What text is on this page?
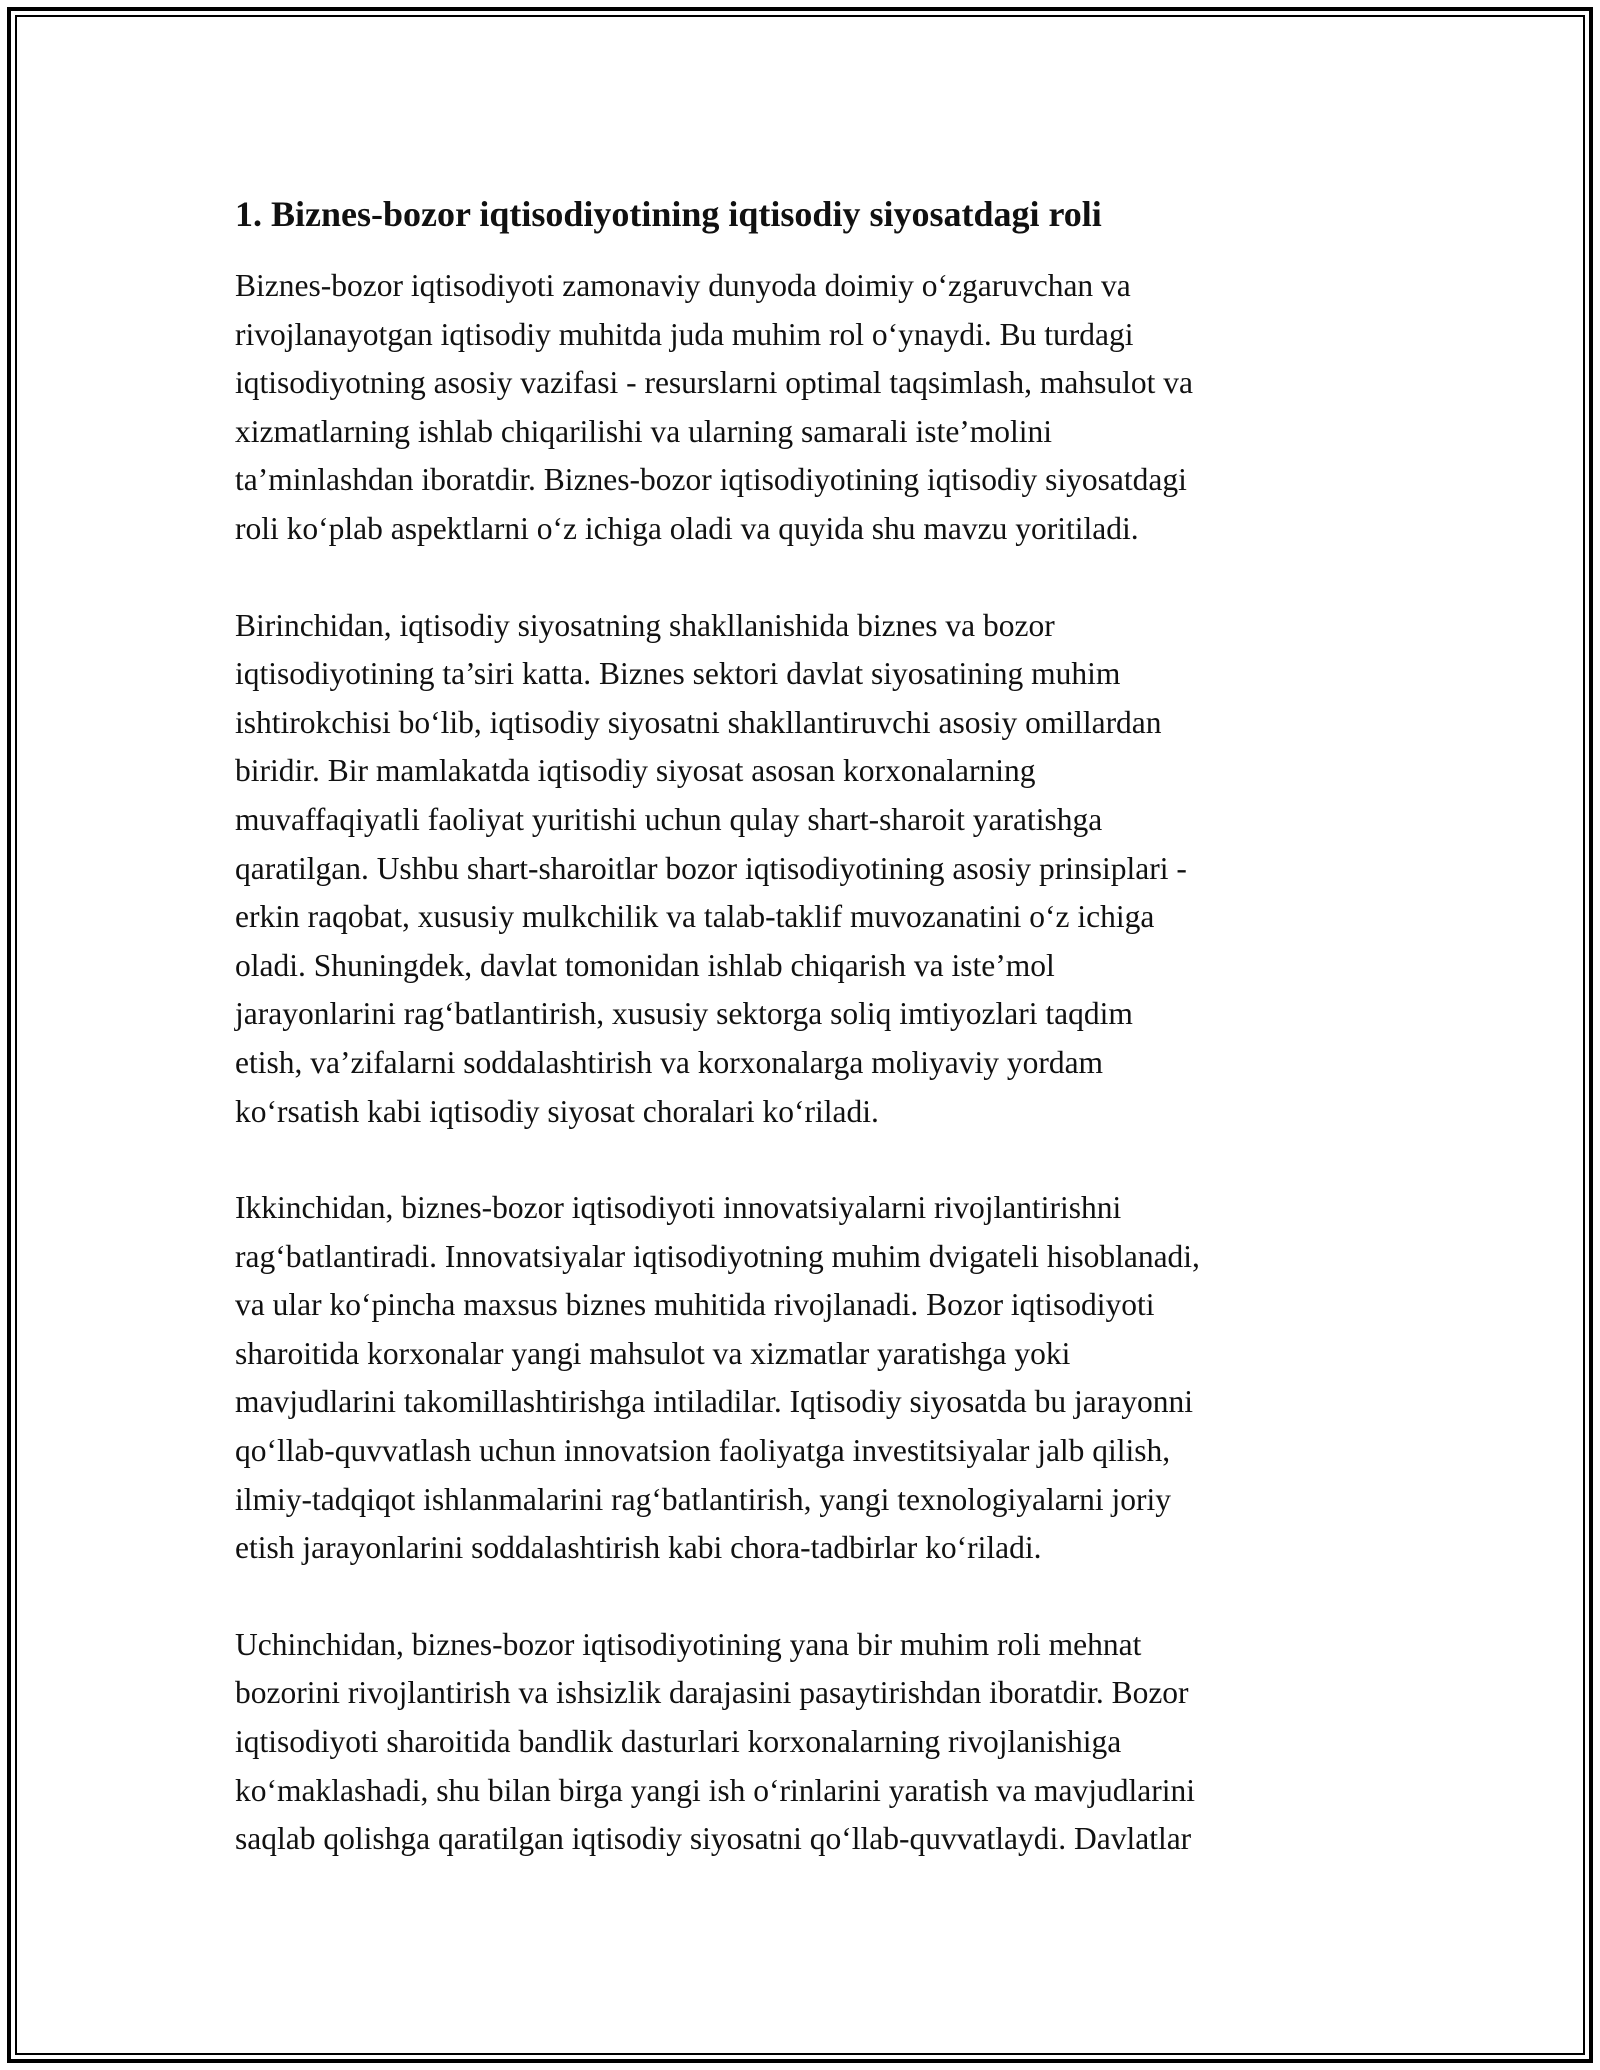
1. Biznes-bozor iqtisodiyotining iqtisodiy siyosatdagi roli

Biznes-bozor iqtisodiyoti zamonaviy dunyoda doimiy o‘zgaruvchan va
rivojlanayotgan iqtisodiy muhitda juda muhim rol o‘ynaydi. Bu turdagi
iqtisodiyotning asosiy vazifasi - resurslarni optimal taqsimlash, mahsulot va
xizmatlarning ishlab chiqarilishi va ularning samarali iste’molini
ta’minlashdan iboratdir. Biznes-bozor iqtisodiyotining iqtisodiy siyosatdagi
roli ko‘plab aspektlarni o‘z ichiga oladi va quyida shu mavzu yoritiladi.

Birinchidan, iqtisodiy siyosatning shakllanishida biznes va bozor
iqtisodiyotining ta’siri katta. Biznes sektori davlat siyosatining muhim
ishtirokchisi bo‘lib, iqtisodiy siyosatni shakllantiruvchi asosiy omillardan
biridir. Bir mamlakatda iqtisodiy siyosat asosan korxonalarning
muvaffaqiyatli faoliyat yuritishi uchun qulay shart-sharoit yaratishga
qaratilgan. Ushbu shart-sharoitlar bozor iqtisodiyotining asosiy prinsiplari -
erkin raqobat, xususiy mulkchilik va talab-taklif muvozanatini o‘z ichiga
oladi. Shuningdek, davlat tomonidan ishlab chiqarish va iste’mol
jarayonlarini rag‘batlantirish, xususiy sektorga soliq imtiyozlari taqdim
etish, va’zifalarni soddalashtirish va korxonalarga moliyaviy yordam
ko‘rsatish kabi iqtisodiy siyosat choralari ko‘riladi.

Ikkinchidan, biznes-bozor iqtisodiyoti innovatsiyalarni rivojlantirishni
rag‘batlantiradi. Innovatsiyalar iqtisodiyotning muhim dvigateli hisoblanadi,
va ular ko‘pincha maxsus biznes muhitida rivojlanadi. Bozor iqtisodiyoti
sharoitida korxonalar yangi mahsulot va xizmatlar yaratishga yoki
mavjudlarini takomillashtirishga intiladilar. Iqtisodiy siyosatda bu jarayonni
qo‘llab-quvvatlash uchun innovatsion faoliyatga investitsiyalar jalb qilish,
ilmiy-tadqiqot ishlanmalarini rag‘batlantirish, yangi texnologiyalarni joriy
etish jarayonlarini soddalashtirish kabi chora-tadbirlar ko‘riladi.

Uchinchidan, biznes-bozor iqtisodiyotining yana bir muhim roli mehnat
bozorini rivojlantirish va ishsizlik darajasini pasaytirishdan iboratdir. Bozor
iqtisodiyoti sharoitida bandlik dasturlari korxonalarning rivojlanishiga
ko‘maklashadi, shu bilan birga yangi ish o‘rinlarini yaratish va mavjudlarini
saqlab qolishga qaratilgan iqtisodiy siyosatni qo‘llab-quvvatlaydi. Davlatlar
